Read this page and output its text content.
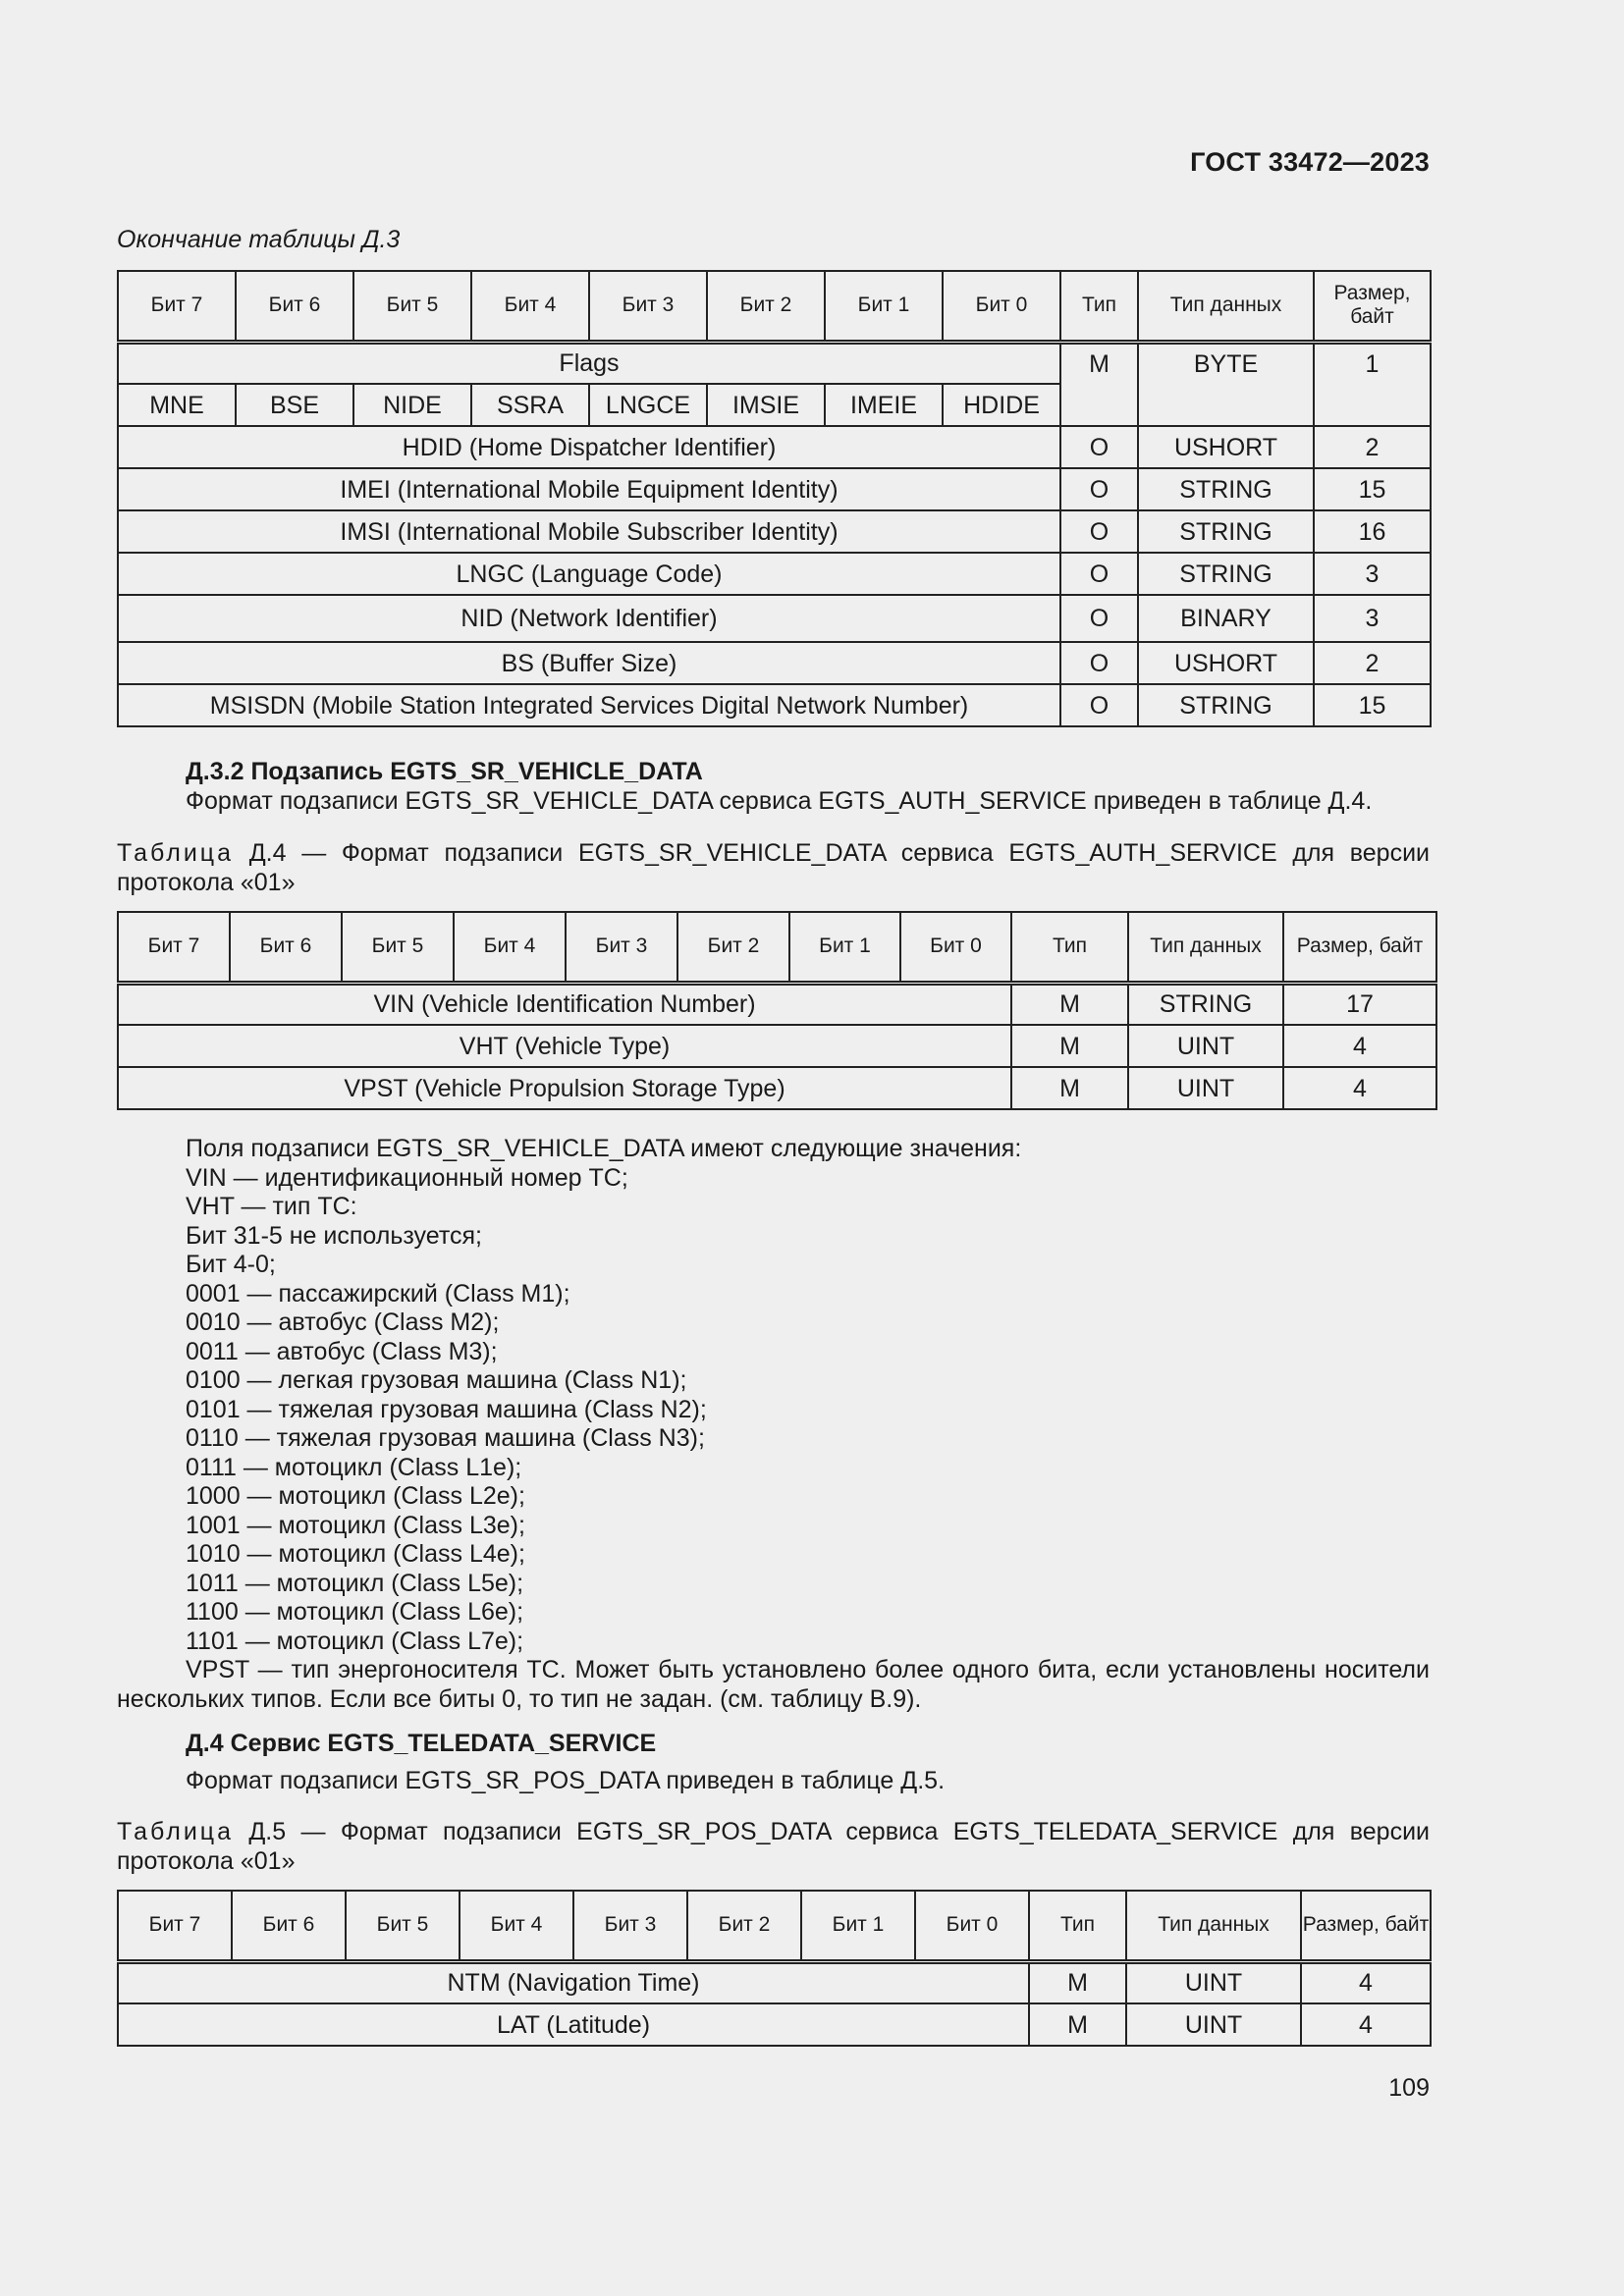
ГОСТ 33472—2023
Окончание таблицы Д.3
Бит 7	Бит 6	Бит 5	Бит 4	Бит 3	Бит 2	Бит 1	Бит 0	Тип	Тип данных	Размер, байт
Flags								M	BYTE	1
MNE	BSE	NIDE	SSRA	LNGCE	IMSIE	IMEIE	HDIDE			
HDID (Home Dispatcher Identifier)								O	USHORT	2
IMEI (International Mobile Equipment Identity)								O	STRING	15
IMSI (International Mobile Subscriber Identity)								O	STRING	16
LNGC (Language Code)								O	STRING	3
NID (Network Identifier)								O	BINARY	3
BS (Buffer Size)								O	USHORT	2
MSISDN (Mobile Station Integrated Services Digital Network Number)								O	STRING	15
Д.3.2 Подзапись EGTS_SR_VEHICLE_DATA
Формат подзаписи EGTS_SR_VEHICLE_DATA сервиса EGTS_AUTH_SERVICE приведен в таблице Д.4.
Таблица Д.4 — Формат подзаписи EGTS_SR_VEHICLE_DATA сервиса EGTS_AUTH_SERVICE для версии протокола «01»
Бит 7	Бит 6	Бит 5	Бит 4	Бит 3	Бит 2	Бит 1	Бит 0	Тип	Тип данных	Размер, байт
VIN (Vehicle Identification Number)								M	STRING	17
VHT (Vehicle Type)								M	UINT	4
VPST (Vehicle Propulsion Storage Type)								M	UINT	4
Поля подзаписи EGTS_SR_VEHICLE_DATA имеют следующие значения:
VIN — идентификационный номер ТС;
VHT — тип ТС:
Бит 31-5 не используется;
Бит 4-0;
0001 — пассажирский (Class M1);
0010 — автобус (Class M2);
0011 — автобус (Class M3);
0100 — легкая грузовая машина (Class N1);
0101 — тяжелая грузовая машина (Class N2);
0110 — тяжелая грузовая машина (Class N3);
0111 — мотоцикл (Class L1e);
1000 — мотоцикл (Class L2e);
1001 — мотоцикл (Class L3e);
1010 — мотоцикл (Class L4e);
1011 — мотоцикл (Class L5e);
1100 — мотоцикл (Class L6e);
1101 — мотоцикл (Class L7e);
VPST — тип энергоносителя ТС. Может быть установлено более одного бита, если установлены носители нескольких типов. Если все биты 0, то тип не задан. (см. таблицу В.9).
Д.4 Сервис EGTS_TELEDATA_SERVICE
Формат подзаписи EGTS_SR_POS_DATA приведен в таблице Д.5.
Таблица Д.5 — Формат подзаписи EGTS_SR_POS_DATA сервиса EGTS_TELEDATA_SERVICE для версии протокола «01»
Бит 7	Бит 6	Бит 5	Бит 4	Бит 3	Бит 2	Бит 1	Бит 0	Тип	Тип данных	Размер, байт
NTM (Navigation Time)								M	UINT	4
LAT (Latitude)								M	UINT	4
109
